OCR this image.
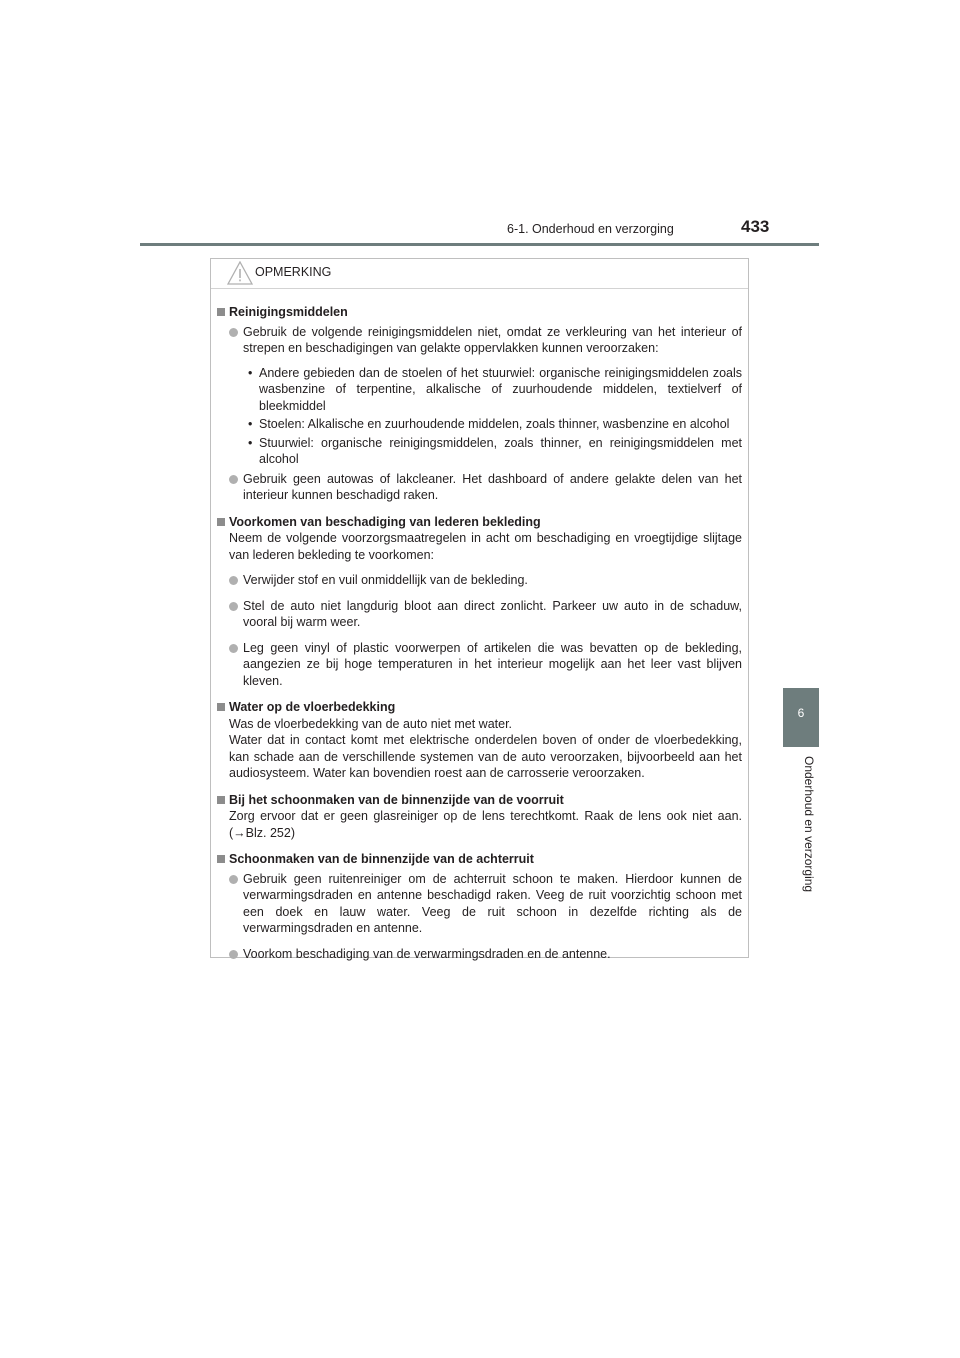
6-1. Onderhoud en verzorging	433
6
Onderhoud en verzorging
OPMERKING
Reinigingsmiddelen
Gebruik de volgende reinigingsmiddelen niet, omdat ze verkleuring van het interieur of strepen en beschadigingen van gelakte oppervlakken kunnen veroorzaken:
• Andere gebieden dan de stoelen of het stuurwiel: organische reinigingsmiddelen zoals wasbenzine of terpentine, alkalische of zuurhoudende middelen, textielverf of bleekmiddel
• Stoelen: Alkalische en zuurhoudende middelen, zoals thinner, wasbenzine en alcohol
• Stuurwiel: organische reinigingsmiddelen, zoals thinner, en reinigingsmiddelen met alcohol
Gebruik geen autowas of lakcleaner. Het dashboard of andere gelakte delen van het interieur kunnen beschadigd raken.
Voorkomen van beschadiging van lederen bekleding
Neem de volgende voorzorgsmaatregelen in acht om beschadiging en vroegtijdige slijtage van lederen bekleding te voorkomen:
Verwijder stof en vuil onmiddellijk van de bekleding.
Stel de auto niet langdurig bloot aan direct zonlicht. Parkeer uw auto in de schaduw, vooral bij warm weer.
Leg geen vinyl of plastic voorwerpen of artikelen die was bevatten op de bekleding, aangezien ze bij hoge temperaturen in het interieur mogelijk aan het leer vast blijven kleven.
Water op de vloerbedekking
Was de vloerbedekking van de auto niet met water.
Water dat in contact komt met elektrische onderdelen boven of onder de vloerbedekking, kan schade aan de verschillende systemen van de auto veroorzaken, bijvoorbeeld aan het audiosysteem. Water kan bovendien roest aan de carrosserie veroorzaken.
Bij het schoonmaken van de binnenzijde van de voorruit
Zorg ervoor dat er geen glasreiniger op de lens terechtkomt. Raak de lens ook niet aan. (→Blz. 252)
Schoonmaken van de binnenzijde van de achterruit
Gebruik geen ruitenreiniger om de achterruit schoon te maken. Hierdoor kunnen de verwarmingsdraden en antenne beschadigd raken. Veeg de ruit voorzichtig schoon met een doek en lauw water. Veeg de ruit schoon in dezelfde richting als de verwarmingsdraden en antenne.
Voorkom beschadiging van de verwarmingsdraden en de antenne.
